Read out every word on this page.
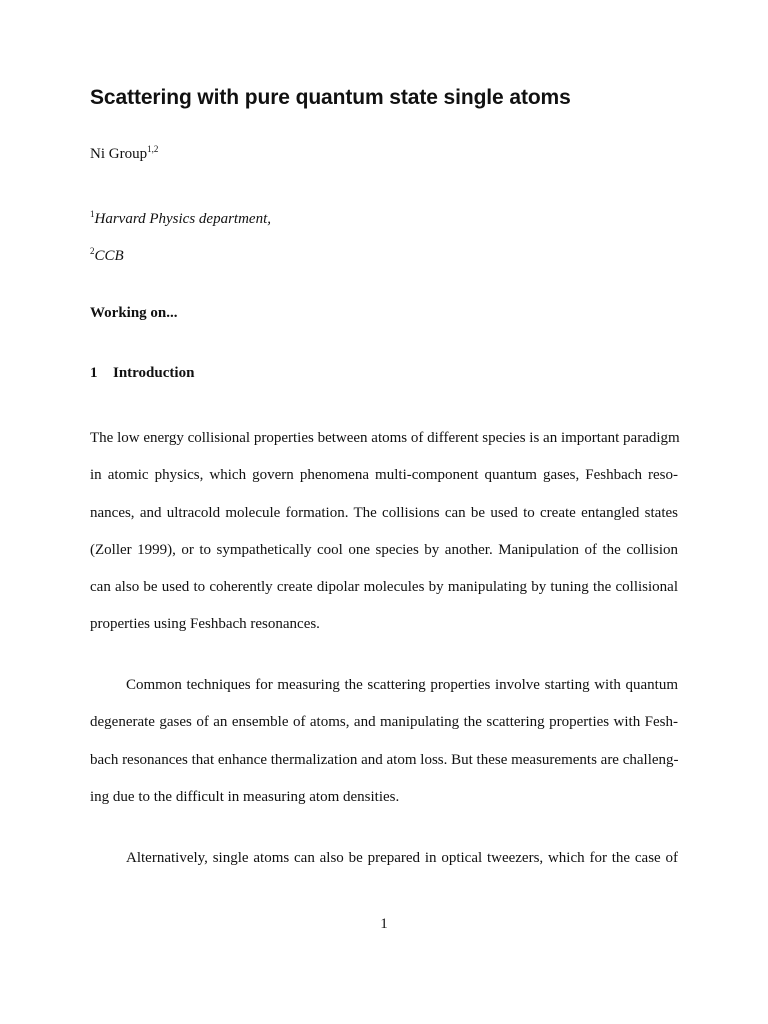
Scattering with pure quantum state single atoms
Ni Group$^{1,2}$
$^1$Harvard Physics department,
$^2$CCB
Working on...
1 Introduction
The low energy collisional properties between atoms of different species is an important paradigm
in atomic physics, which govern phenomena multi-component quantum gases, Feshbach reso-
nances, and ultracold molecule formation. The collisions can be used to create entangled states
(Zoller 1999), or to sympathetically cool one species by another. Manipulation of the collision
can also be used to coherently create dipolar molecules by manipulating by tuning the collisional
properties using Feshbach resonances.
Common techniques for measuring the scattering properties involve starting with quantum
degenerate gases of an ensemble of atoms, and manipulating the scattering properties with Fesh-
bach resonances that enhance thermalization and atom loss. But these measurements are challeng-
ing due to the difficult in measuring atom densities.
Alternatively, single atoms can also be prepared in optical tweezers, which for the case of
1
